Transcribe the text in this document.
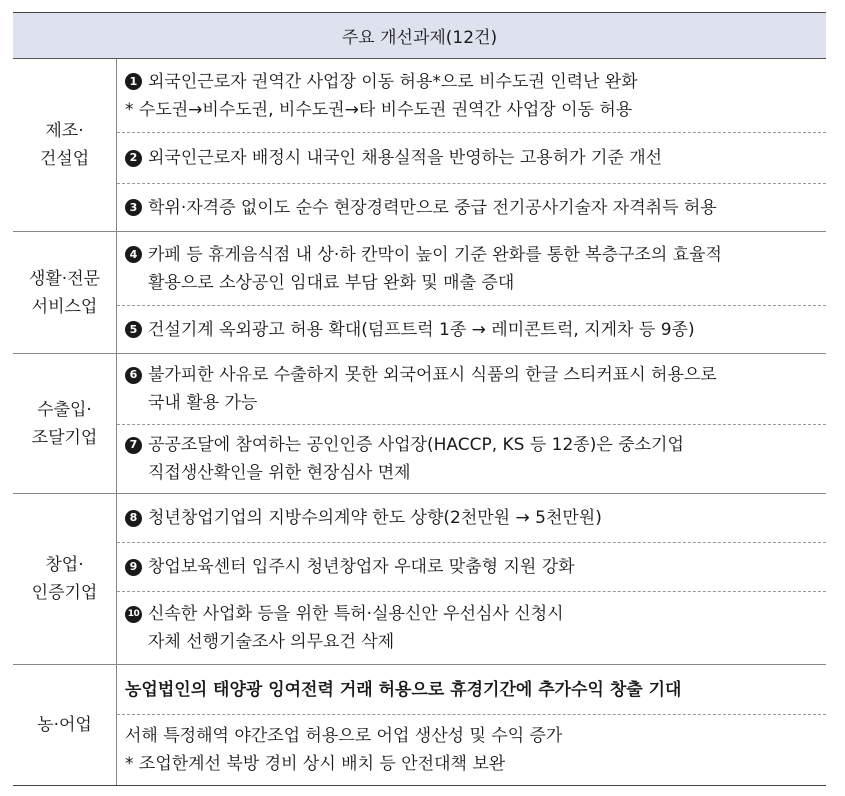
주요 개선과제(12건)
제조·
건설업
1 외국인근로자 권역간 사업장 이동 허용*으로 비수도권 인력난 완화
* 수도권→비수도권, 비수도권→타 비수도권 권역간 사업장 이동 허용
2 외국인근로자 배정시 내국인 채용실적을 반영하는 고용허가 기준 개선
3 학위·자격증 없이도 순수 현장경력만으로 중급 전기공사기술자 자격취득 허용
생활·전문
서비스업
4 카페 등 휴게음식점 내 상·하 칸막이 높이 기준 완화를 통한 복층구조의 효율적
활용으로 소상공인 임대료 부담 완화 및 매출 증대
5 건설기계 옥외광고 허용 확대(덤프트럭 1종 → 레미콘트럭, 지게차 등 9종)
수출입·
조달기업
6 불가피한 사유로 수출하지 못한 외국어표시 식품의 한글 스티커표시 허용으로
국내 활용 가능
7 공공조달에 참여하는 공인인증 사업장(HACCP, KS 등 12종)은 중소기업
직접생산확인을 위한 현장심사 면제
창업·
인증기업
8 청년창업기업의 지방수의계약 한도 상향(2천만원 → 5천만원)
9 창업보육센터 입주시 청년창업자 우대로 맞춤형 지원 강화
10 신속한 사업화 등을 위한 특허·실용신안 우선심사 신청시
자체 선행기술조사 의무요건 삭제
농·어업
농업법인의 태양광 잉여전력 거래 허용으로 휴경기간에 추가수익 창출 기대
서해 특정해역 야간조업 허용으로 어업 생산성 및 수익 증가
* 조업한계선 북방 경비 상시 배치 등 안전대책 보완
